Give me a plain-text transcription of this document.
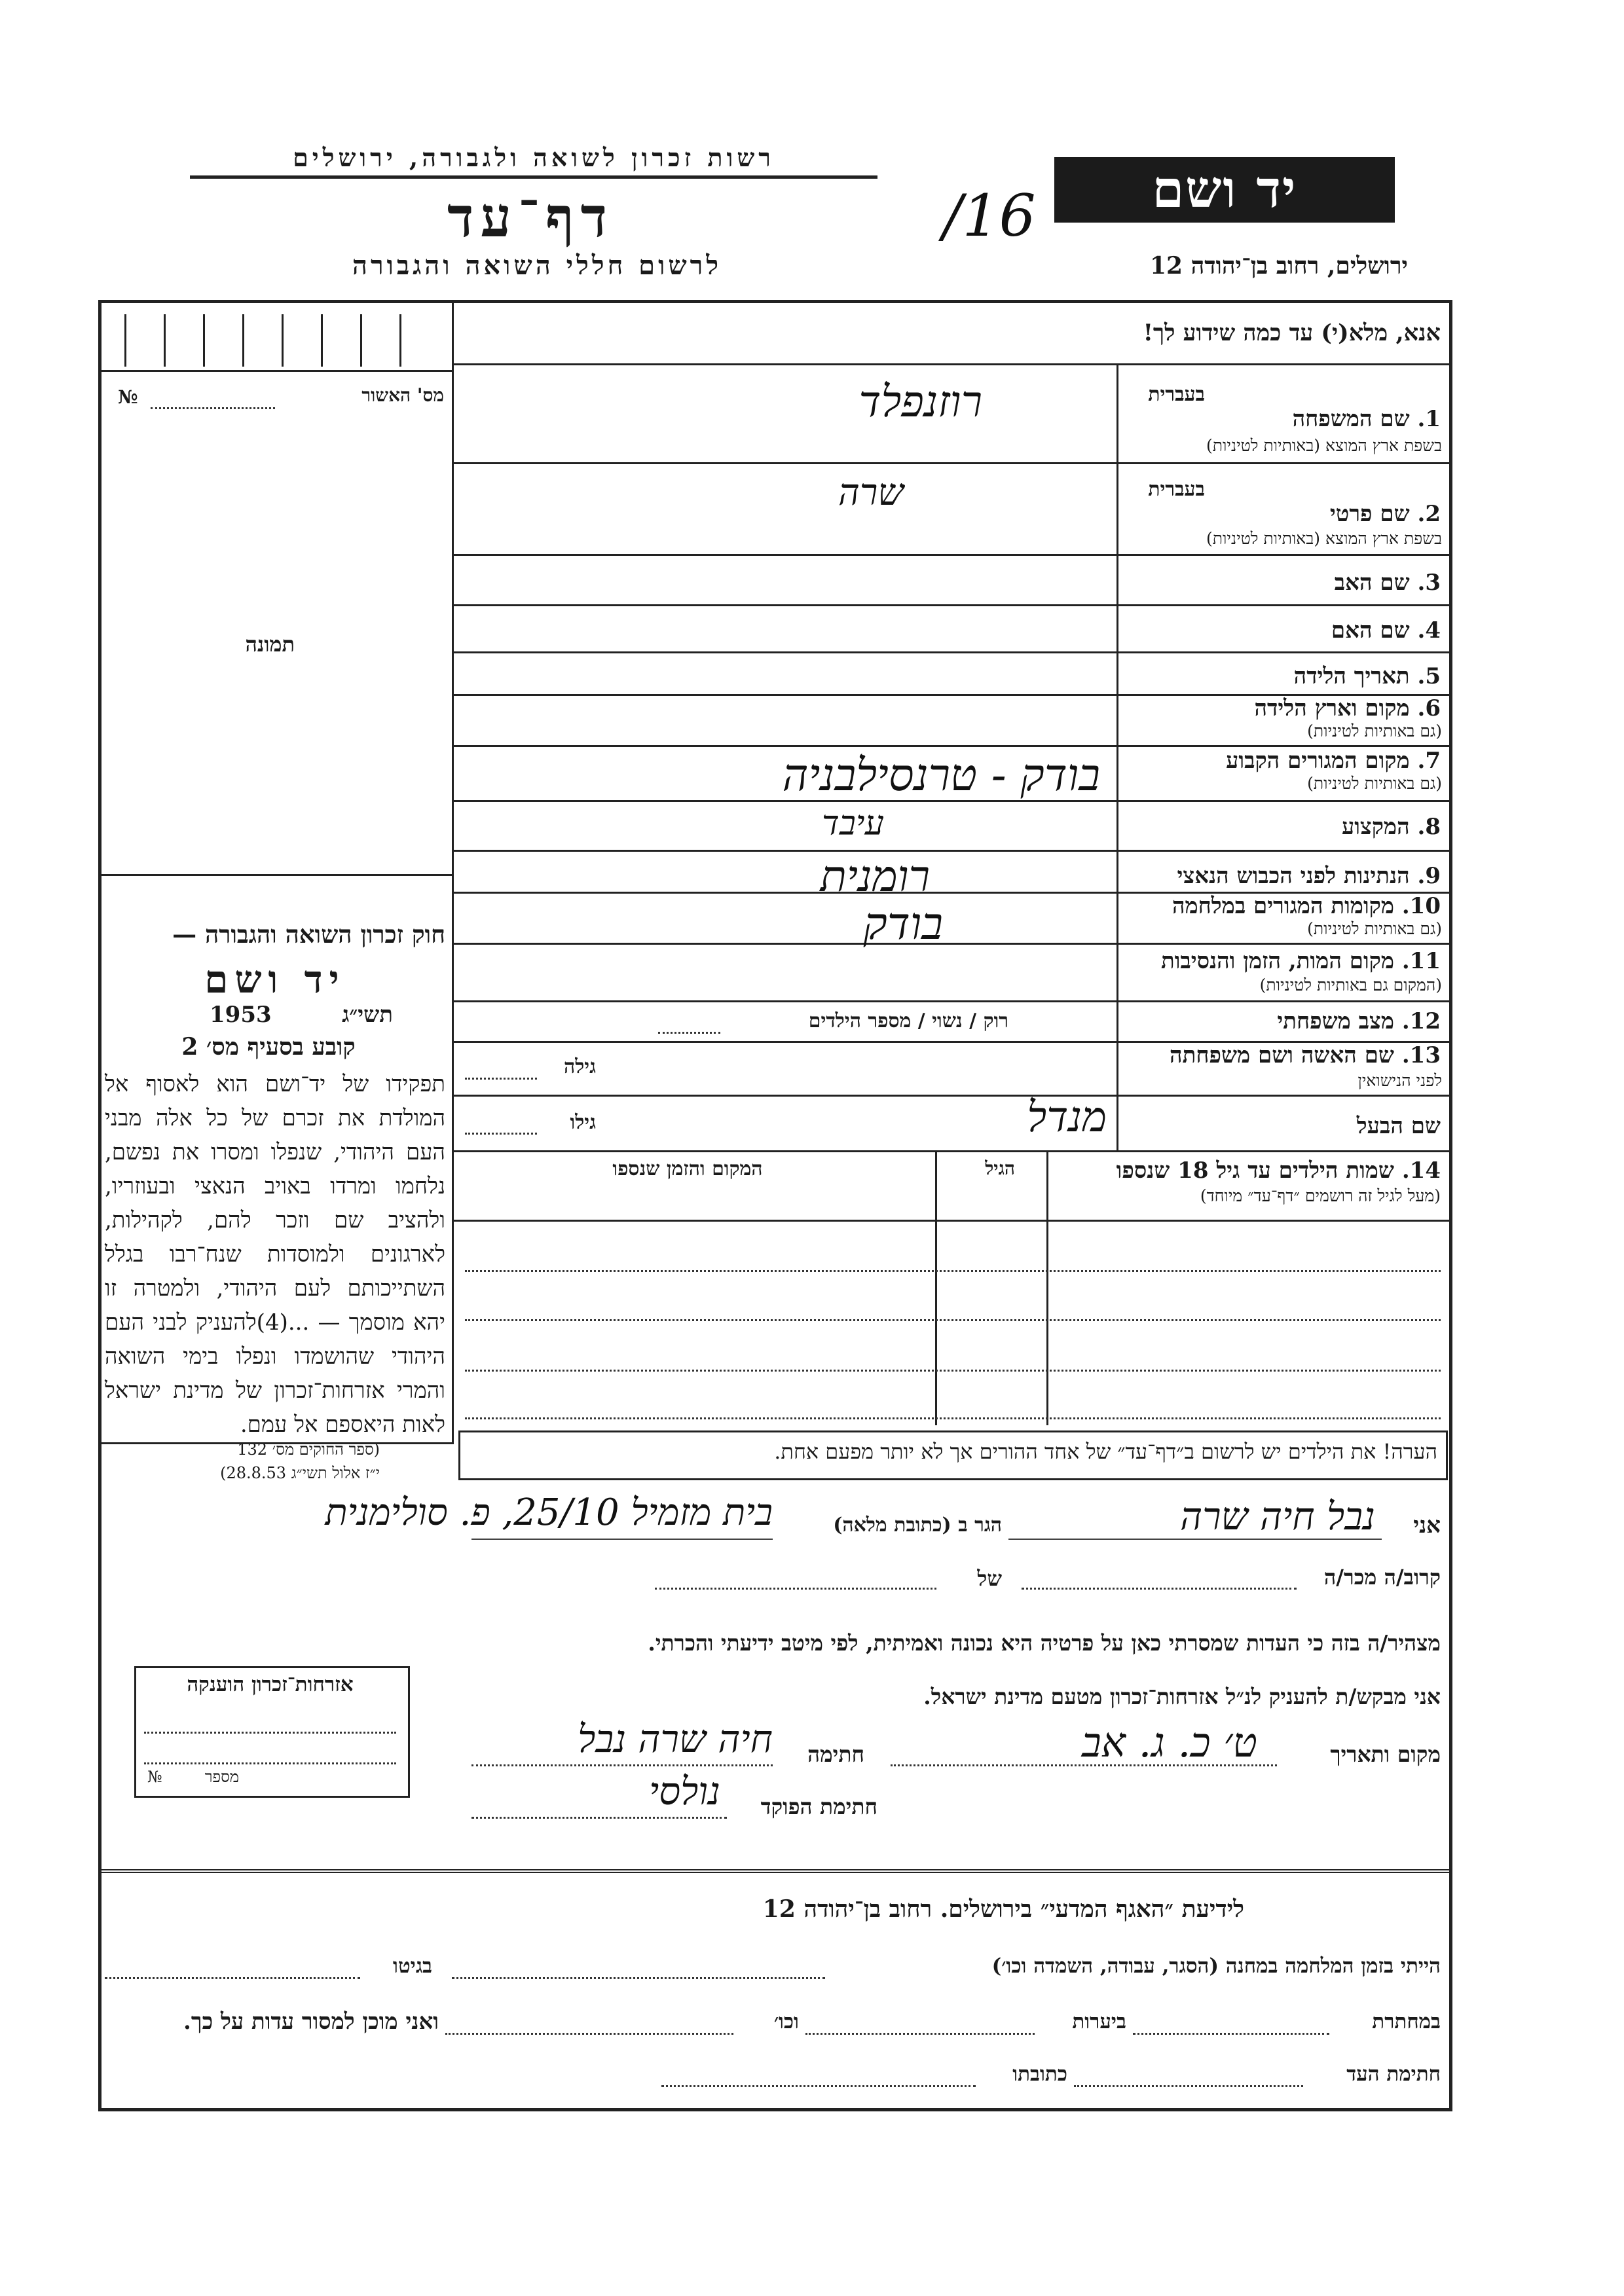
רשות זכרון לשואה ולגבורה, ירושלים
דף־עד
לרשום חללי השואה והגבורה
יד ושם
/16
ירושלים, רחוב בן־יהודה 12
אנא, מלא(י) עד כמה שידוע לך!
מס' האשור
№
תמונה
חוק זכרון השואה והגבורה —
יד ושם
1953	תשי״ג
קובע בסעיף מס׳ 2
תפקידו של יד־ושם הוא לאסוף אל המולדת את זכרם של כל אלה מבני העם היהודי, שנפלו ומסרו את נפשם, נלחמו ומרדו באויב הנאצי ובעוזריו, ולהציב שם וזכר להם, לקהילות, לארגונים ולמוסדות שנח־רבו בגלל השתייכותם לעם היהודי, ולמטרה זו יהא מוסמך — ...(4)להעניק לבני העם היהודי שהושמדו ונפלו בימי השואה והמרי אזרחות־זכרון של מדינת ישראל לאות היאספם אל עמם.
(ספר החוקים מס׳ 132
י״ז אלול תשי״ג 28.8.53)
אזרחות־זכרון הוענקה
מספר
№
בעברית
1. שם המשפחה
בשפת ארץ המוצא (באותיות לטיניות)
בעברית
2. שם פרטי
בשפת ארץ המוצא (באותיות לטיניות)
3. שם האב
4. שם האם
5. תאריך הלידה
6. מקום וארץ הלידה
(גם באותיות לטיניות)
7. מקום המגורים הקבוע
(גם באותיות לטיניות)
8. המקצוע
9. הנתינות לפני הכבוש הנאצי
10. מקומות המגורים במלחמה
(גם באותיות לטיניות)
11. מקום המות, הזמן והנסיבות
(המקום גם באותיות לטיניות)
12. מצב משפחתי
13. שם האשה ושם משפחתה
לפני הנישואין
שם הבעל
רוזנפלד
שרה
בודק - טרנסילבניה
עיבד
רומנית
בודק
רוק / נשוי / מספר הילדים
גילה
גילו	מנדל
14. שמות הילדים עד גיל 18 שנספו
(מעל לגיל זה רושמים ״דף־עד״ מיוחד)
הגיל
המקום והזמן שנספו
הערה! את הילדים יש לרשום ב״דף־עד״ של אחד ההורים אך לא יותר מפעם אחת.
אני
נבל חיה שרה
הגר ב (כתובת מלאה)
בית מזמיל 25/10, פ. סולימנית
קרוב/ה מכר/ה
של
מצהיר/ה בזה כי העדות שמסרתי כאן על פרטיה היא נכונה ואמיתית, לפי מיטב ידיעתי והכרתי.
אני מבקש/ת להעניק לנ״ל אזרחות־זכרון מטעם מדינת ישראל.
מקום ותאריך
ט׳ כ. ג. אב
חתימה
חיה שרה נבל
חתימת הפוקד
נולסי
לידיעת ״האגף המדעי״ בירושלים. רחוב בן־יהודה 12
הייתי בזמן המלחמה במחנה (הסגר, עבודה, השמדה וכו׳)
בגיטו
במחתרת
ביערות
וכו׳
ואני מוכן למסור עדות על כך.
חתימת העד
כתובתו
